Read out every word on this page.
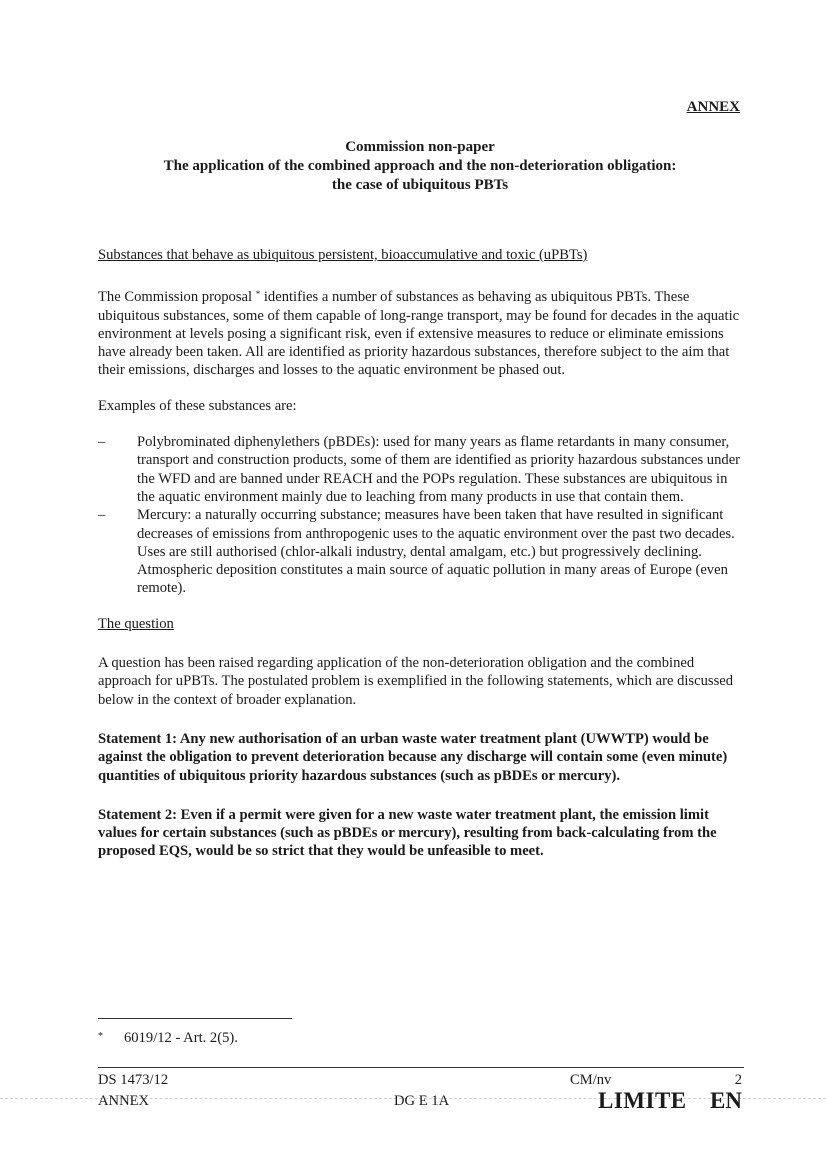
ANNEX
Commission non-paper
The application of the combined approach and the non-deterioration obligation:
the case of ubiquitous PBTs

Substances that behave as ubiquitous persistent, bioaccumulative and toxic (uPBTs)

The Commission proposal * identifies a number of substances as behaving as ubiquitous PBTs. These ubiquitous substances, some of them capable of long-range transport, may be found for decades in the aquatic environment at levels posing a significant risk, even if extensive measures to reduce or eliminate emissions have already been taken. All are identified as priority hazardous substances, therefore subject to the aim that their emissions, discharges and losses to the aquatic environment be phased out.

Examples of these substances are:

– Polybrominated diphenylethers (pBDEs): used for many years as flame retardants in many consumer, transport and construction products, some of them are identified as priority hazardous substances under the WFD and are banned under REACH and the POPs regulation. These substances are ubiquitous in the aquatic environment mainly due to leaching from many products in use that contain them.
– Mercury: a naturally occurring substance; measures have been taken that have resulted in significant decreases of emissions from anthropogenic uses to the aquatic environment over the past two decades. Uses are still authorised (chlor-alkali industry, dental amalgam, etc.) but progressively declining. Atmospheric deposition constitutes a main source of aquatic pollution in many areas of Europe (even remote).

The question

A question has been raised regarding application of the non-deterioration obligation and the combined approach for uPBTs. The postulated problem is exemplified in the following statements, which are discussed below in the context of broader explanation.

Statement 1: Any new authorisation of an urban waste water treatment plant (UWWTP) would be against the obligation to prevent deterioration because any discharge will contain some (even minute) quantities of ubiquitous priority hazardous substances (such as pBDEs or mercury).

Statement 2: Even if a permit were given for a new waste water treatment plant, the emission limit values for certain substances (such as pBDEs or mercury), resulting from back-calculating from the proposed EQS, would be so strict that they would be unfeasible to meet.

*	6019/12 - Art. 2(5).
DS 1473/12	CM/nv	2
ANNEX	DG E 1A	LIMITE EN
